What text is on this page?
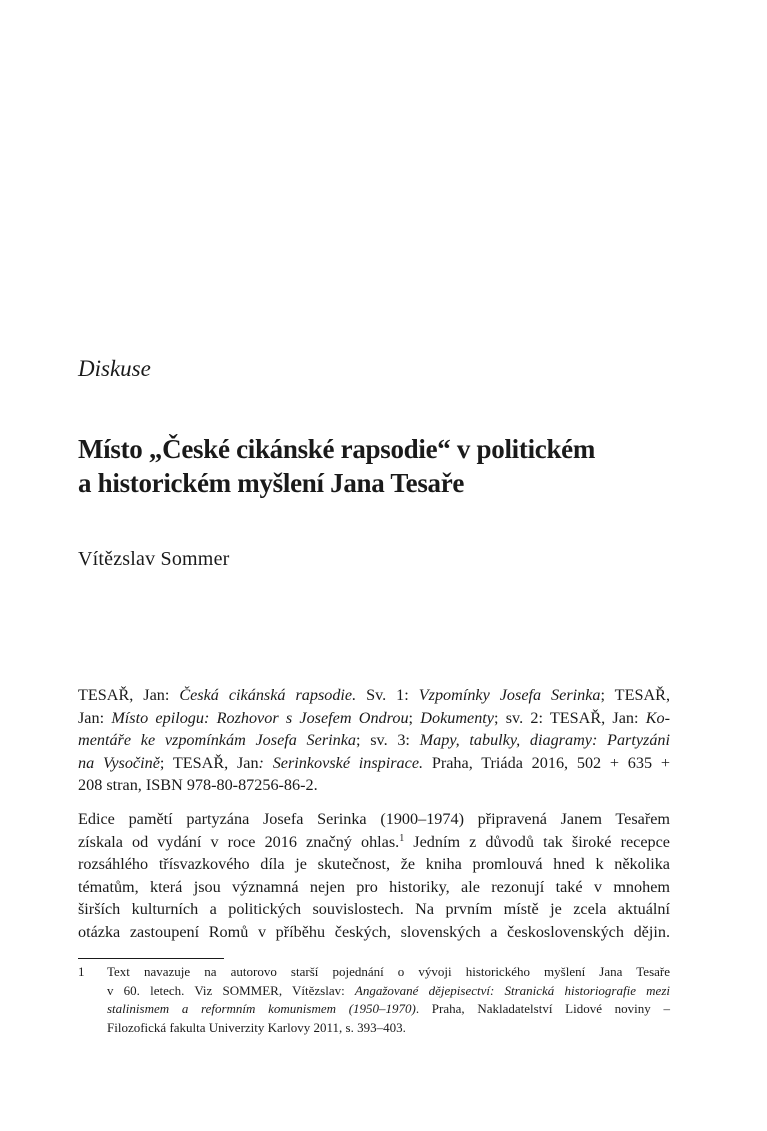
Diskuse
Místo „České cikánské rapsodie“ v politickém
a historickém myšlení Jana Tesaře

Vítězslav Sommer

TESAŘ, Jan: Česká cikánská rapsodie. Sv. 1: Vzpomínky Josefa Serinka; TESAŘ,
Jan: Místo epilogu: Rozhovor s Josefem Ondrou; Dokumenty; sv. 2: TESAŘ, Jan: Ko-
mentáře ke vzpomínkám Josefa Serinka; sv. 3: Mapy, tabulky, diagramy: Partyzáni
na Vysočině; TESAŘ, Jan: Serinkovské inspirace. Praha, Triáda 2016, 502 + 635 +
208 stran, ISBN 978-80-87256-86-2.

Edice pamětí partyzána Josefa Serinka (1900–1974) připravená Janem Tesařem
získala od vydání v roce 2016 značný ohlas.$^1$ Jedním z důvodů tak široké recepce
rozsáhlého třísvazkového díla je skutečnost, že kniha promlouvá hned k několika
tématům, která jsou významná nejen pro historiky, ale rezonují také v mnohem
širších kulturních a politických souvislostech. Na prvním místě je zcela aktuální
otázka zastoupení Romů v příběhu českých, slovenských a československých dějin.

1 Text navazuje na autorovo starší pojednání o vývoji historického myšlení Jana Tesaře
v 60. letech. Viz SOMMER, Vítězslav: Angažované dějepisectví: Stranická historiografie mezi
stalinismem a reformním komunismem (1950–1970). Praha, Nakladatelství Lidové noviny –
Filozofická fakulta Univerzity Karlovy 2011, s. 393–403.
